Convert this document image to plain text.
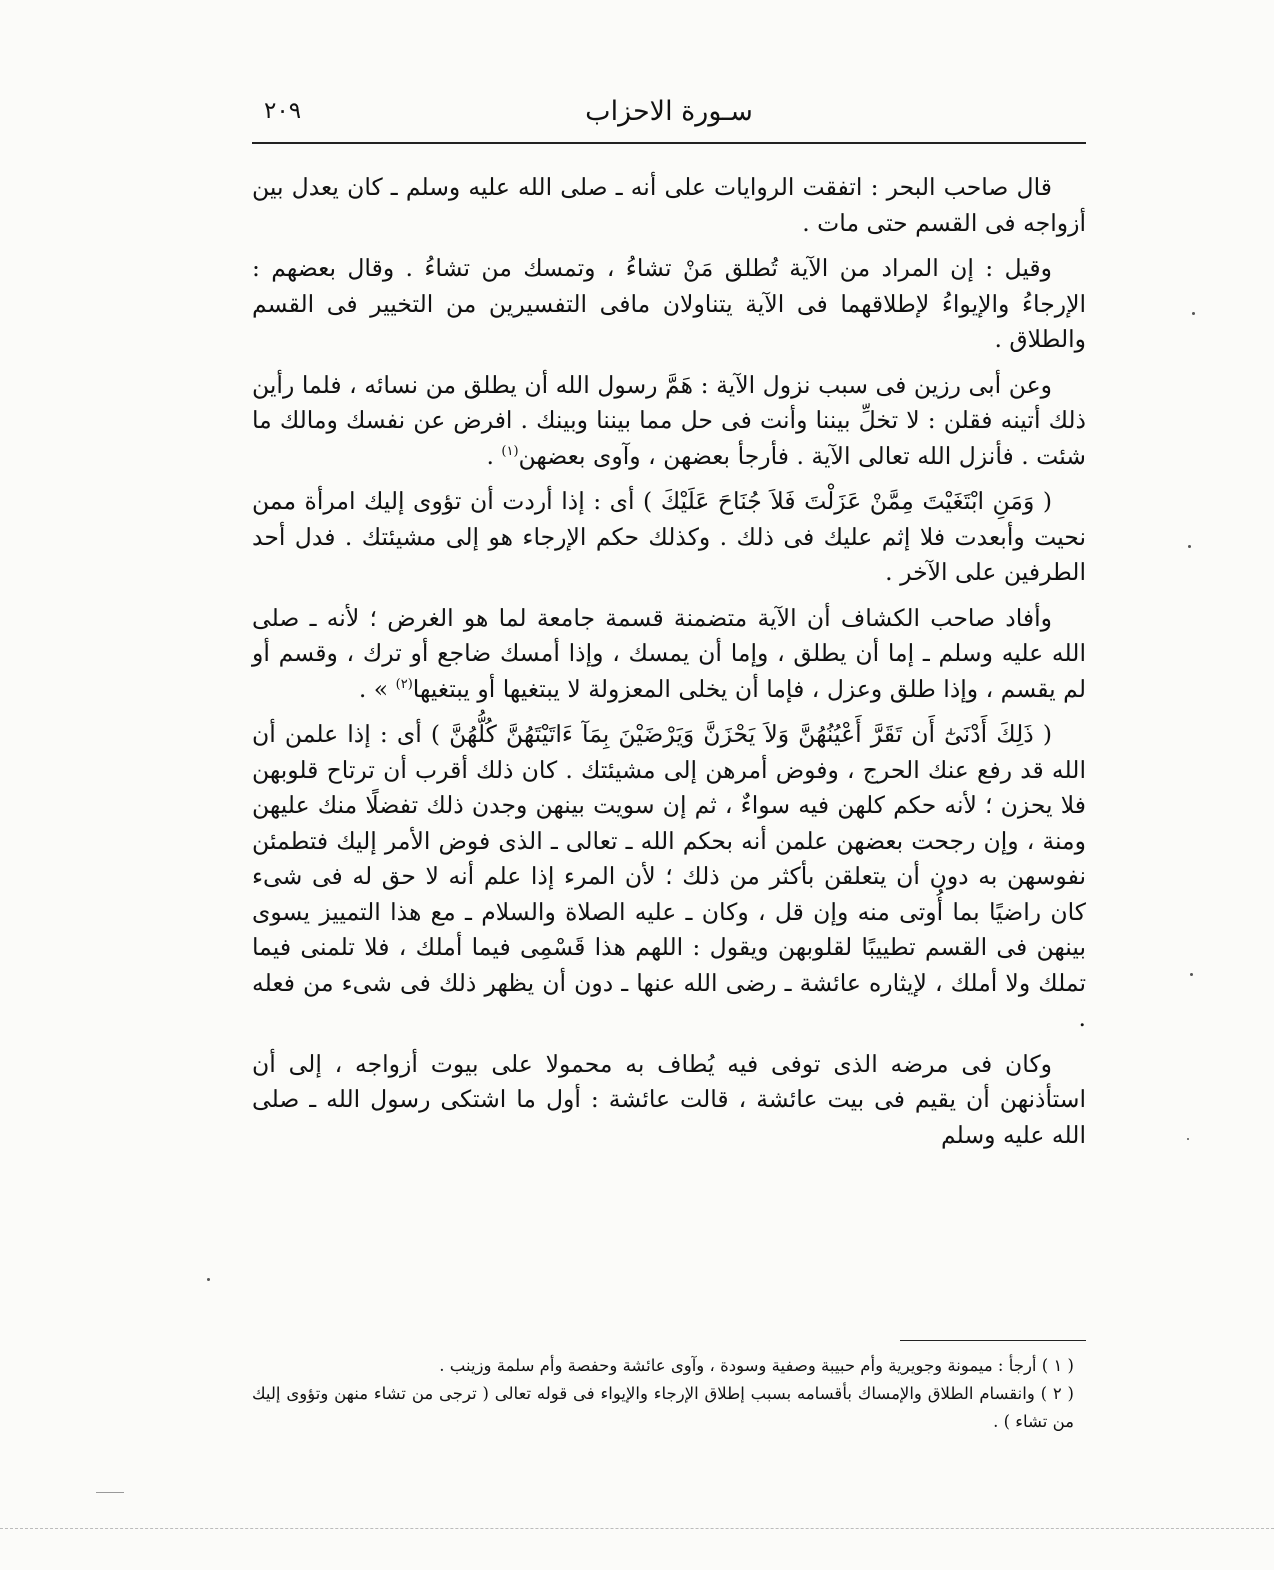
سـورة الاحزاب
٢٠٩

قال صاحب البحر : اتفقت الروايات على أنه ـ صلى الله عليه وسلم ـ كان يعدل بين أزواجه فى القسم حتى مات .

وقيل : إن المراد من الآية تُطلق مَنْ تشاءُ ، وتمسك من تشاءُ . وقال بعضهم : الإرجاءُ والإيواءُ لإطلاقهما فى الآية يتناولان مافى التفسيرين من التخيير فى القسم والطلاق .

وعن أبى رزين فى سبب نزول الآية : هَمَّ رسول الله أن يطلق من نسائه ، فلما رأين ذلك أتينه فقلن : لا تخلِّ بيننا وأنت فى حل مما بيننا وبينك . افرض عن نفسك ومالك ما شئت . فأنزل الله تعالى الآية . فأرجأ بعضهن ، وآوى بعضهن$^{(١)}$ .

( وَمَنِ ابْتَغَيْتَ مِمَّنْ عَزَلْتَ فَلاَ جُنَاحَ عَلَيْكَ ) أى : إذا أردت أن تؤوى إليك امرأة ممن نحيت وأبعدت فلا إثم عليك فى ذلك . وكذلك حكم الإرجاء هو إلى مشيئتك . فدل أحد الطرفين على الآخر .

وأفاد صاحب الكشاف أن الآية متضمنة قسمة جامعة لما هو الغرض ؛ لأنه ـ صلى الله عليه وسلم ـ إما أن يطلق ، وإما أن يمسك ، وإذا أمسك ضاجع أو ترك ، وقسم أو لم يقسم ، وإذا طلق وعزل ، فإما أن يخلى المعزولة لا يبتغيها أو يبتغيها$^{(٢)}$ » .

( ذَلِكَ أَدْنَىٰٓ أَن تَقَرَّ أَعْيُنُهُنَّ وَلاَ يَحْزَنَّ وَيَرْضَيْنَ بِمَآ ءَاتَيْتَهُنَّ كُلُّهُنَّ ) أى : إذا علمن أن الله قد رفع عنك الحرج ، وفوض أمرهن إلى مشيئتك . كان ذلك أقرب أن ترتاح قلوبهن فلا يحزن ؛ لأنه حكم كلهن فيه سواءٌ ، ثم إن سويت بينهن وجدن ذلك تفضلًا منك عليهن ومنة ، وإن رجحت بعضهن علمن أنه بحكم الله ـ تعالى ـ الذى فوض الأمر إليك فتطمئن نفوسهن به دون أن يتعلقن بأكثر من ذلك ؛ لأن المرء إذا علم أنه لا حق له فى شىء كان راضيًا بما أُوتى منه وإن قل ، وكان ـ عليه الصلاة والسلام ـ مع هذا التمييز يسوى بينهن فى القسم تطييبًا لقلوبهن ويقول : اللهم هذا قَسْمِى فيما أملك ، فلا تلمنى فيما تملك ولا أملك ، لإيثاره عائشة ـ رضى الله عنها ـ دون أن يظهر ذلك فى شىء من فعله .

وكان فى مرضه الذى توفى فيه يُطاف به محمولا على بيوت أزواجه ، إلى أن استأذنهن أن يقيم فى بيت عائشة ، قالت عائشة : أول ما اشتكى رسول الله ـ صلى الله عليه وسلم

( ١ ) أرجأ : ميمونة وجويرية وأم حبيبة وصفية وسودة ، وآوى عائشة وحفصة وأم سلمة وزينب .

( ٢ ) وانقسام الطلاق والإمساك بأقسامه بسبب إطلاق الإرجاء والإيواء فى قوله تعالى ( ترجى من تشاء منهن وتؤوى إليك من تشاء ) .
